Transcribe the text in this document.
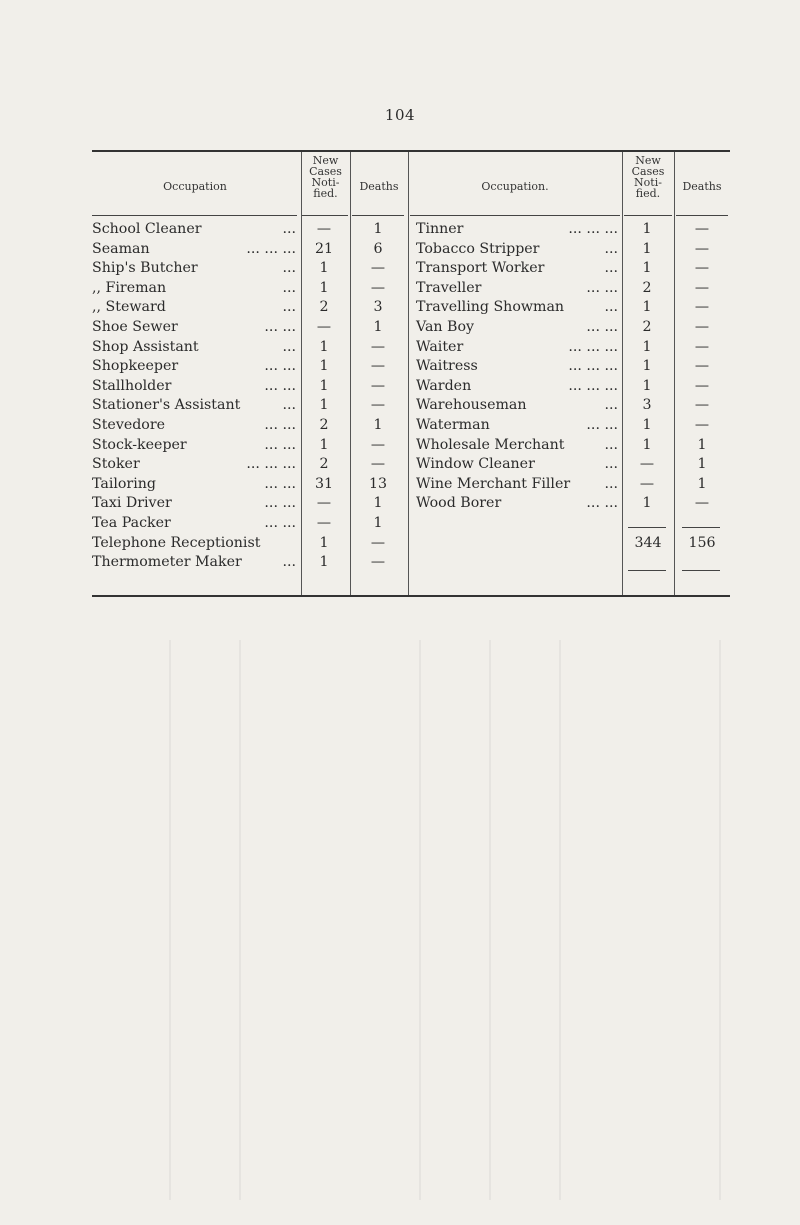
104
Occupation
New
Cases
Noti-
fied.
Deaths	Occupation.
New
Cases
Noti-
fied.
Deaths
School Cleaner	...	—	1
Seaman	... ... ...	21	6
Ship's Butcher	...	1	—
,, Fireman	...	1	—
,, Steward	...	2	3
Shoe Sewer	... ...	—	1
Shop Assistant	...	1	—
Shopkeeper	... ...	1	—
Stallholder	... ...	1	—
Stationer's Assistant	...	1	—
Stevedore	... ...	2	1
Stock-keeper	... ...	1	—
Stoker	... ... ...	2	—
Tailoring	... ...	31	13
Taxi Driver	... ...	—	1
Tea Packer	... ...	—	1
Telephone Receptionist	1	—
Thermometer Maker	...	1	—
Tinner	... ... ...	1	—
Tobacco Stripper	...	1	—
Transport Worker	...	1	—
Traveller	... ...	2	—
Travelling Showman	...	1	—
Van Boy	... ...	2	—
Waiter	... ... ...	1	—
Waitress	... ... ...	1	—
Warden	... ... ...	1	—
Warehouseman	...	3	—
Waterman	... ...	1	—
Wholesale Merchant	...	1	1
Window Cleaner	...	—	1
Wine Merchant Filler ...	—	1
Wood Borer	... ...	1	—
344	156
